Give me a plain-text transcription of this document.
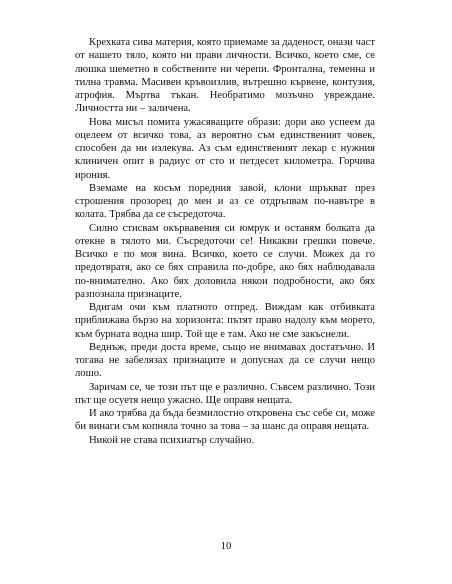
Крехката сива материя, която приемаме за даденост, онази част от нашето тяло, която ни прави личности. Всичко, което сме, се люшка шеметно в собствените ни черепи. Фронтална, теменна и тилна травма. Масивен кръвоизлив, вътрешно кървене, контузия, атрофия. Мъртва тъкан. Необратимо мозъчно увреждане. Личността ни – заличена.

Нова мисъл помита ужасяващите образи: дори ако успеем да оцелеем от всичко това, аз вероятно съм единственият човек, способен да ни излекува. Аз съм единственият лекар с нужния клиничен опит в радиус от сто и петдесет километра. Горчива ирония.

Вземаме на косъм поредния завой, клони шръкват през строшения прозорец до мен и аз се отдръпвам по-навътре в колата. Трябва да се съсредоточа.

Силно стисвам окървавения си юмрук и оставям болката да отекне в тялото ми. Съсредоточи се! Никакви грешки повече. Всичко е по моя вина. Всичко, което се случи. Можех да го предотвратя, ако се бях справила по-добре, ако бях наблюдавала по-внимателно. Ако бях доловила някои подробности, ако бях разпознала признаците.

Вдигам очи към платното отпред. Виждам как отбивката приближава бързо на хоризонта: пътят право надолу към морето, към бурната водна шир. Той ще е там. Ако не сме закъснели.

Веднъж, преди доста време, също не внимавах достатъчно. И тогава не забелязах признаците и допуснах да се случи нещо лошо.

Заричам се, че този път ще е различно. Съвсем различно. Този път ще осуетя нещо ужасно. Ще оправя нещата.

И ако трябва да бъда безмилостно откровена със себе си, може би винаги съм копняла точно за това – за шанс да оправя нещата.

Никой не става психиатър случайно.

10
